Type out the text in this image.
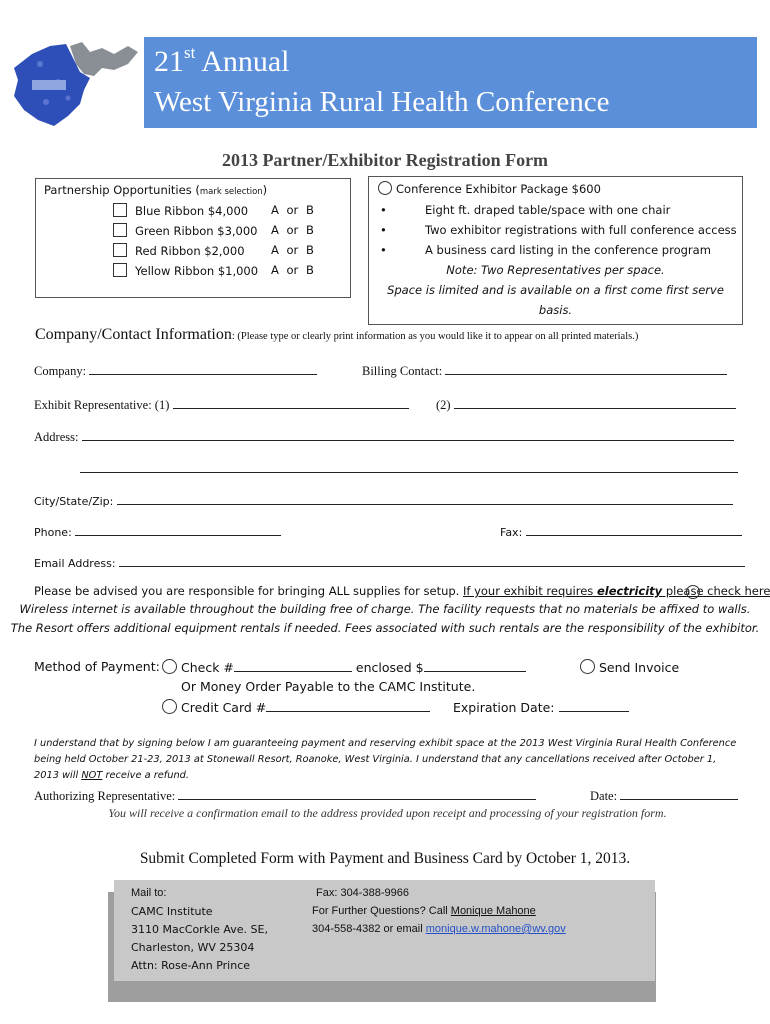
21st Annual
West Virginia Rural Health Conference
2013 Partner/Exhibitor Registration Form
Partnership Opportunities (mark selection)
Blue Ribbon $4,000 A or B
Green Ribbon $3,000 A or B
Red Ribbon $2,000 A or B
Yellow Ribbon $1,000 A or B
Conference Exhibitor Package $600
•	Eight ft. draped table/space with one chair
•	Two exhibitor registrations with full conference access
•	A business card listing in the conference program
Note: Two Representatives per space.
Space is limited and is available on a first come first serve
basis.
Company/Contact Information: (Please type or clearly print information as you would like it to appear on all printed materials.)
Company:	Billing Contact:
Exhibit Representative: (1)	(2)
Address:
City/State/Zip:
Phone:	Fax:
Email Address:
Please be advised you are responsible for bringing ALL supplies for setup. If your exhibit requires electricity please check here
Wireless internet is available throughout the building free of charge. The facility requests that no materials be affixed to walls.
The Resort offers additional equipment rentals if needed. Fees associated with such rentals are the responsibility of the exhibitor.
Method of Payment:	Check #	enclosed $	Send Invoice
Or Money Order Payable to the CAMC Institute.
Credit Card #	Expiration Date:
I understand that by signing below I am guaranteeing payment and reserving exhibit space at the 2013 West Virginia Rural Health Conference being held October 21-23, 2013 at Stonewall Resort, Roanoke, West Virginia. I understand that any cancellations received after October 1, 2013 will NOT receive a refund.
Authorizing Representative:	Date:
You will receive a confirmation email to the address provided upon receipt and processing of your registration form.
Submit Completed Form with Payment and Business Card by October 1, 2013.
Mail to:
CAMC Institute
3110 MacCorkle Ave. SE,
Charleston, WV 25304
Attn: Rose-Ann Prince
Fax: 304-388-9966
For Further Questions? Call Monique Mahone
304-558-4382 or email monique.w.mahone@wv.gov
